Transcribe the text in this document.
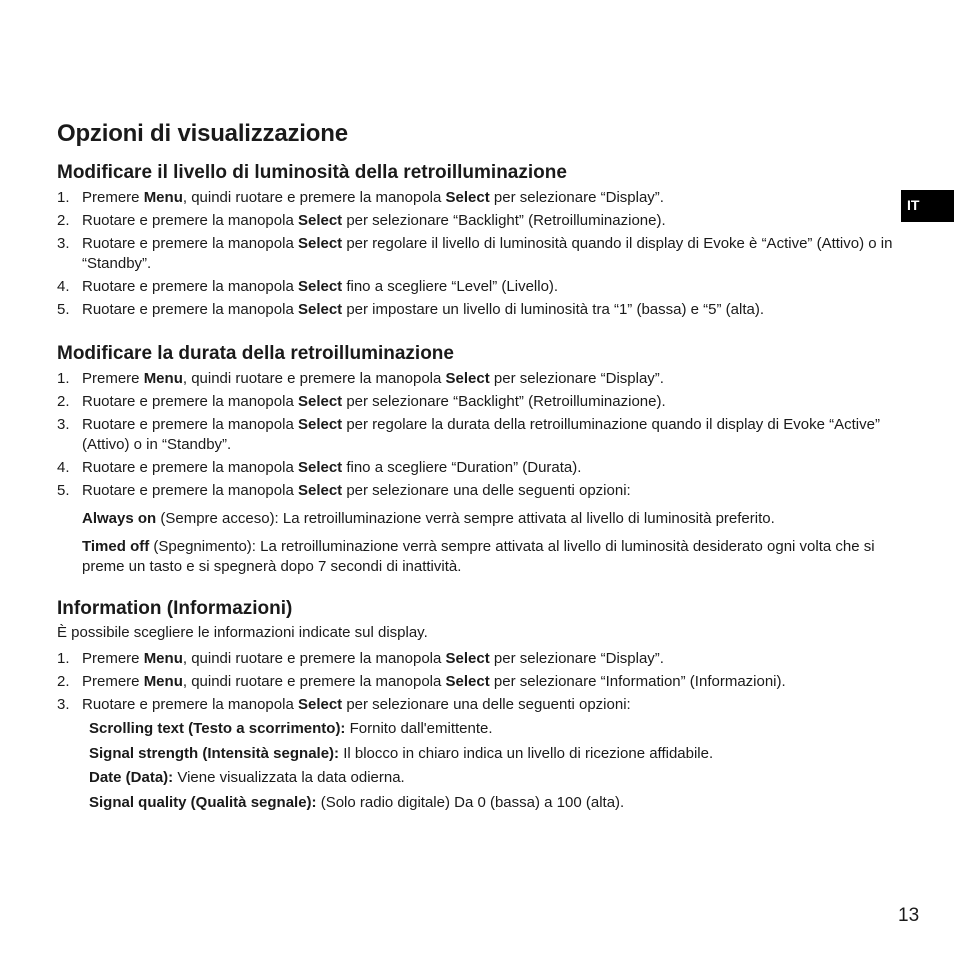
Opzioni di visualizzazione
IT
Modificare il livello di luminosità della retroilluminazione
1. Premere Menu, quindi ruotare e premere la manopola Select per selezionare “Display”.
2. Ruotare e premere la manopola Select per selezionare “Backlight” (Retroilluminazione).
3. Ruotare e premere la manopola Select per regolare il livello di luminosità quando il display di Evoke è “Active” (Attivo) o in “Standby”.
4. Ruotare e premere la manopola Select fino a scegliere “Level” (Livello).
5. Ruotare e premere la manopola Select per impostare un livello di luminosità tra “1” (bassa) e “5” (alta).
Modificare la durata della retroilluminazione
1. Premere Menu, quindi ruotare e premere la manopola Select per selezionare “Display”.
2. Ruotare e premere la manopola Select per selezionare “Backlight” (Retroilluminazione).
3. Ruotare e premere la manopola Select per regolare la durata della retroilluminazione quando il display di Evoke “Active” (Attivo) o in “Standby”.
4. Ruotare e premere la manopola Select fino a scegliere “Duration” (Durata).
5. Ruotare e premere la manopola Select per selezionare una delle seguenti opzioni:

Always on (Sempre acceso): La retroilluminazione verrà sempre attivata al livello di luminosità preferito.

Timed off (Spegnimento): La retroilluminazione verrà sempre attivata al livello di luminosità desiderato ogni volta che si preme un tasto e si spegnerà dopo 7 secondi di inattività.

Information (Informazioni)

È possibile scegliere le informazioni indicate sul display.

1. Premere Menu, quindi ruotare e premere la manopola Select per selezionare “Display”.
2. Premere Menu, quindi ruotare e premere la manopola Select per selezionare “Information” (Informazioni).
3. Ruotare e premere la manopola Select per selezionare una delle seguenti opzioni:
Scrolling text (Testo a scorrimento): Fornito dall'emittente.
Signal strength (Intensità segnale): Il blocco in chiaro indica un livello di ricezione affidabile.
Date (Data): Viene visualizzata la data odierna.
Signal quality (Qualità segnale): (Solo radio digitale) Da 0 (bassa) a 100 (alta).
13
